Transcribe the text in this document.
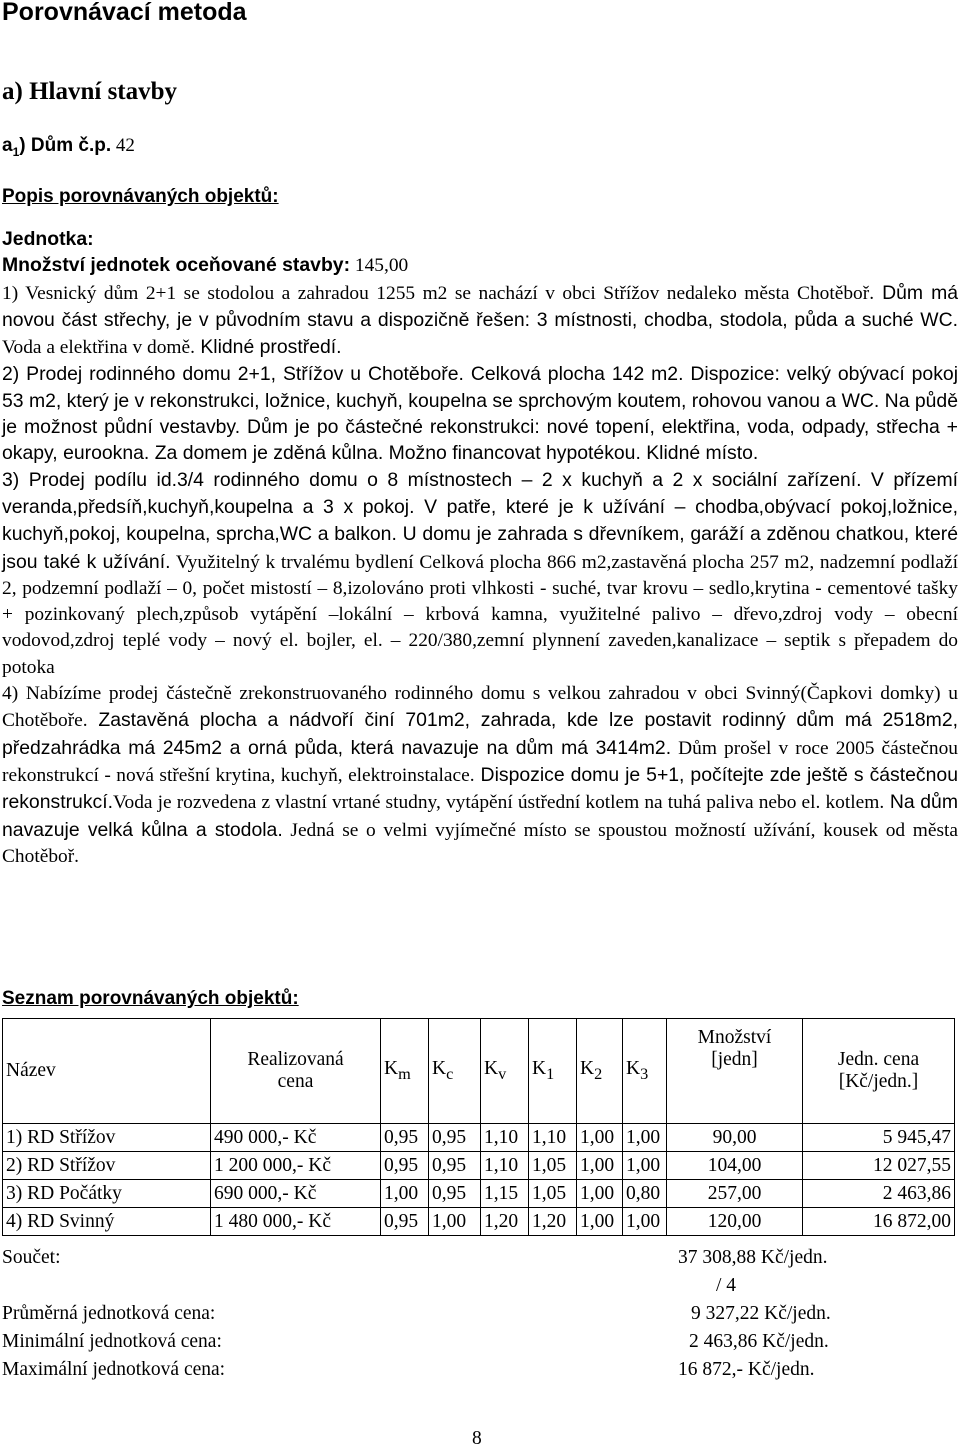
Porovnávací metoda
a) Hlavní stavby
$a_1$) Dům č.p. 42
Popis porovnávaných objektů:
Jednotka:
Množství jednotek oceňované stavby: 145,00
1) Vesnický dům 2+1 se stodolou a zahradou 1255 m2 se nachází v obci Střížov nedaleko města Chotěboř. Dům má novou část střechy, je v původním stavu a dispozičně řešen: 3 místnosti, chodba, stodola, půda a suché WC. Voda a elektřina v domě. Klidné prostředí.
2) Prodej rodinného domu 2+1, Střížov u Chotěboře. Celková plocha 142 m2. Dispozice: velký obývací pokoj 53 m2, který je v rekonstrukci, ložnice, kuchyň, koupelna se sprchovým koutem, rohovou vanou a WC. Na půdě je možnost půdní vestavby. Dům je po částečné rekonstrukci: nové topení, elektřina, voda, odpady, střecha + okapy, eurookna. Za domem je zděná kůlna. Možno financovat hypotékou. Klidné místo.
3) Prodej podílu id.3/4 rodinného domu o 8 místnostech – 2 x kuchyň a 2 x sociální zařízení. V přízemí veranda,předsíň,kuchyň,koupelna a 3 x pokoj. V patře, které je k užívání – chodba,obývací pokoj,ložnice, kuchyň,pokoj, koupelna, sprcha,WC a balkon. U domu je zahrada s dřevníkem, garáží a zděnou chatkou, které jsou také k užívání. Využitelný k trvalému bydlení Celková plocha 866 m2,zastavěná plocha 257 m2, nadzemní podlaží 2, podzemní podlaží – 0, počet mistostí – 8,izolováno proti vlhkosti - suché, tvar krovu – sedlo,krytina - cementové tašky + pozinkovaný plech,způsob vytápění –lokální – krbová kamna, využitelné palivo – dřevo,zdroj vody – obecní vodovod,zdroj teplé vody – nový el. bojler, el. – 220/380,zemní plynnení zaveden,kanalizace – septik s přepadem do potoka
4) Nabízíme prodej částečně zrekonstruovaného rodinného domu s velkou zahradou v obci Svinný(Čapkovi domky) u Chotěboře. Zastavěná plocha a nádvoří činí 701m2, zahrada, kde lze postavit rodinný dům má 2518m2, předzahrádka má 245m2 a orná půda, která navazuje na dům má 3414m2. Dům prošel v roce 2005 částečnou rekonstrukcí - nová střešní krytina, kuchyň, elektroinstalace. Dispozice domu je 5+1, počítejte zde ještě s částečnou rekonstrukcí.Voda je rozvedena z vlastní vrtané studny, vytápění ústřední kotlem na tuhá paliva nebo el. kotlem. Na dům navazuje velká kůlna a stodola. Jedná se o velmi vyjímečné místo se spoustou možností užívání, kousek od města Chotěboř.
Seznam porovnávaných objektů:
Název	Realizovaná
cena	$K_m$	$K_c$	$K_v$	$K_1$	$K_2$	$K_3$	Množství
[jedn]	Jedn. cena
[Kč/jedn.]
1) RD Střížov	490 000,- Kč	0,95	0,95	1,10	1,10	1,00	1,00	90,00	5 945,47
2) RD Střížov	1 200 000,- Kč	0,95	0,95	1,10	1,05	1,00	1,00	104,00	12 027,55
3) RD Počátky	690 000,- Kč	1,00	0,95	1,15	1,05	1,00	0,80	257,00	2 463,86
4) RD Svinný	1 480 000,- Kč	0,95	1,00	1,20	1,20	1,00	1,00	120,00	16 872,00
Součet:	37 308,88 Kč/jedn.
/ 4
Průměrná jednotková cena:	9 327,22 Kč/jedn.
Minimální jednotková cena:	2 463,86 Kč/jedn.
Maximální jednotková cena:	16 872,- Kč/jedn.
8
